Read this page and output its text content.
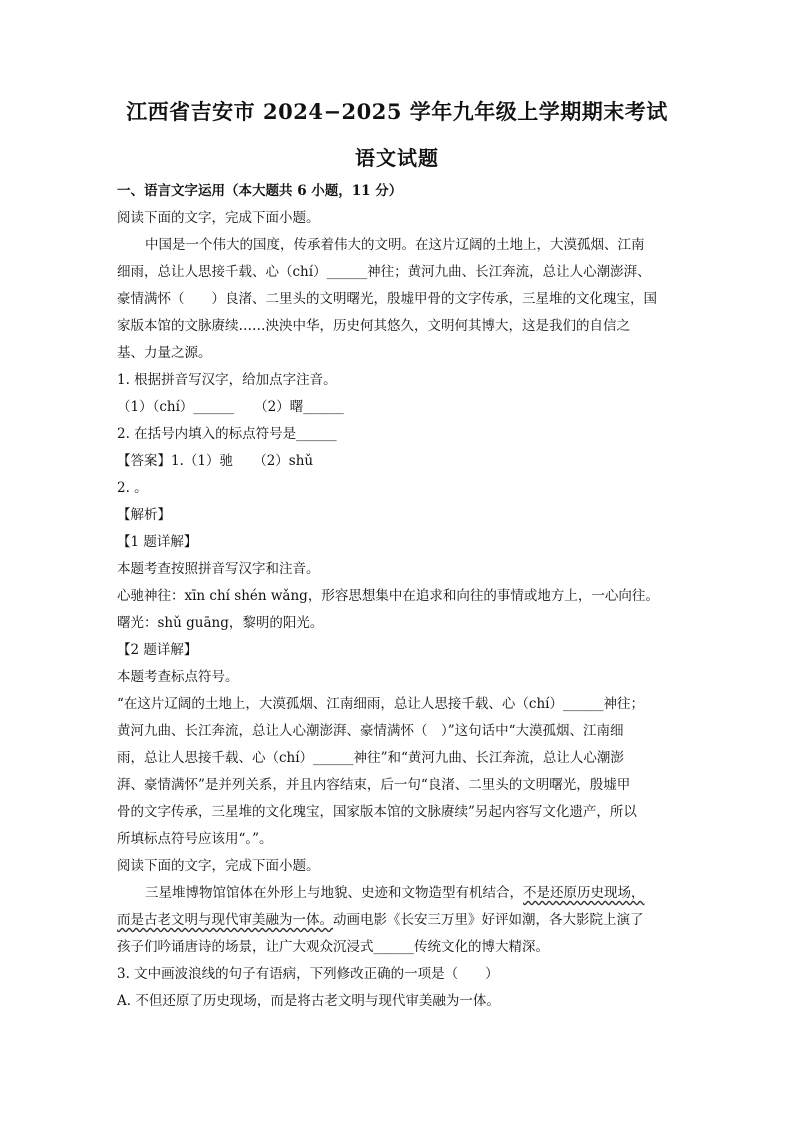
江西省吉安市 2024−2025 学年九年级上学期期末考试
语文试题
一、语言文字运用（本大题共 6 小题，11 分）
阅读下面的文字，完成下面小题。
中国是一个伟大的国度，传承着伟大的文明。在这片辽阔的土地上，大漠孤烟、江南
细雨，总让人思接千载、心（chí）______神往；黄河九曲、长江奔流，总让人心潮澎湃、
豪情满怀（　　）良渚、二里头的文明曙光，殷墟甲骨的文字传承，三星堆的文化瑰宝，国
家版本馆的文脉赓续……泱泱中华，历史何其悠久，文明何其博大，这是我们的自信之
基、力量之源。
1. 根据拼音写汉字，给加点字注音。
（1）（chí）______　　（2）曙______
2. 在括号内填入的标点符号是______
【答案】1.（1）驰　　（2）shǔ
2. 。
【解析】
【1 题详解】
本题考查按照拼音写汉字和注音。
心驰神往：xīn chí shén wǎng，形容思想集中在追求和向往的事情或地方上，一心向往。
曙光：shǔ guāng，黎明的阳光。
【2 题详解】
本题考查标点符号。
“在这片辽阔的土地上，大漠孤烟、江南细雨，总让人思接千载、心（chí）______神往；
黄河九曲、长江奔流，总让人心潮澎湃、豪情满怀（　）”这句话中“大漠孤烟、江南细
雨，总让人思接千载、心（chí）______神往”和“黄河九曲、长江奔流，总让人心潮澎
湃、豪情满怀”是并列关系，并且内容结束，后一句“良渚、二里头的文明曙光，殷墟甲
骨的文字传承，三星堆的文化瑰宝，国家版本馆的文脉赓续”另起内容写文化遗产，所以
所填标点符号应该用“。”。
阅读下面的文字，完成下面小题。
三星堆博物馆馆体在外形上与地貌、史迹和文物造型有机结合，不是还原历史现场，
而是古老文明与现代审美融为一体。动画电影《长安三万里》好评如潮，各大影院上演了
孩子们吟诵唐诗的场景，让广大观众沉浸式______传统文化的博大精深。
3. 文中画波浪线的句子有语病，下列修改正确的一项是（　　）
A. 不但还原了历史现场，而是将古老文明与现代审美融为一体。
